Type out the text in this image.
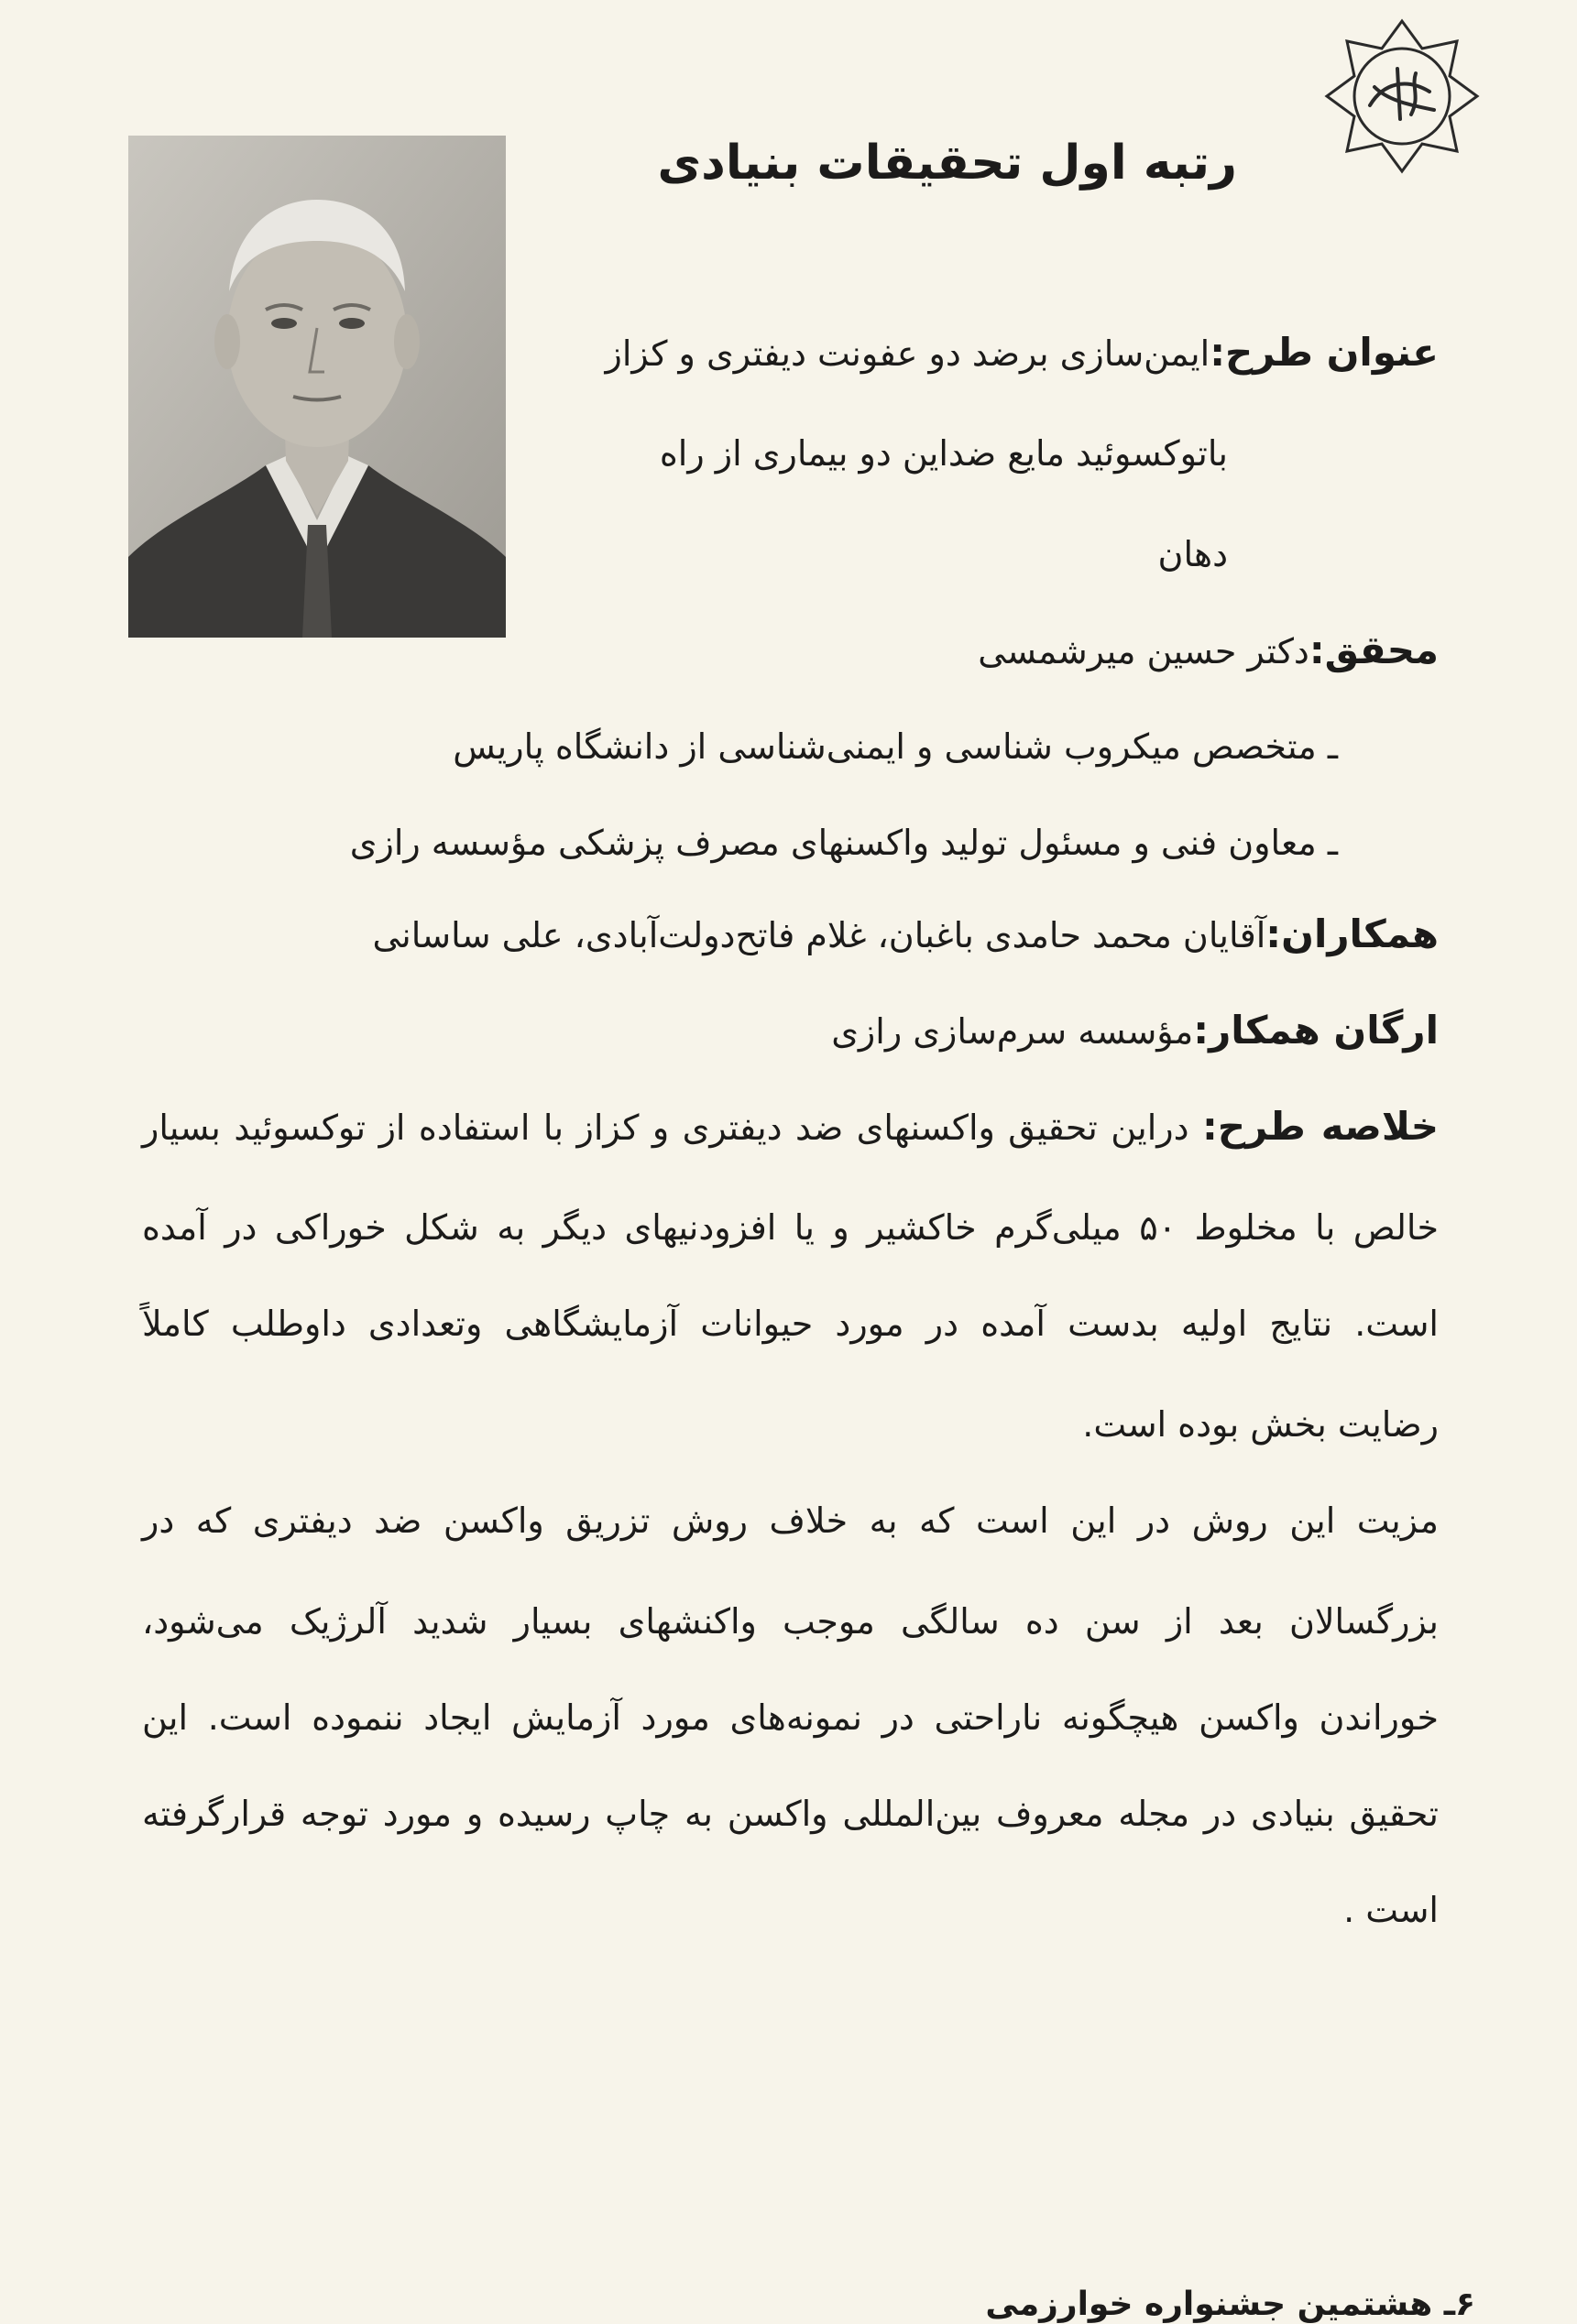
رتبه اول تحقیقات بنیادی
عنوان طرح:ایمن‌سازی برضد دو عفونت دیفتری و کزاز
باتوکسوئید مایع ضداین دو بیماری از راه
دهان
محقق:دکتر حسین میرشمسی
ـ متخصص میکروب شناسی و ایمنی‌شناسی از دانشگاه پاریس
ـ معاون فنی و مسئول تولید واکسنهای مصرف پزشکی مؤسسه رازی
همکاران:آقایان محمد حامدی باغبان، غلام فاتح‌دولت‌آبادی، علی ساسانی
ارگان همکار:مؤسسه سرم‌سازی رازی
خلاصه طرح: دراین تحقیق واکسنهای ضد دیفتری و کزاز با استفاده از توکسوئید بسیار
خالص با مخلوط ۵۰ میلی‌گرم خاکشیر و یا افزودنیهای دیگر به شکل خوراکی در آمده
است. نتایج اولیه بدست آمده در مورد حیوانات آزمایشگاهی وتعدادی داوطلب کاملاً
رضایت بخش بوده است.
مزیت این روش در این است که به خلاف روش تزریق واکسن ضد دیفتری که در
بزرگسالان بعد از سن ده سالگی موجب واکنشهای بسیار شدید آلرژیک می‌شود،
خوراندن واکسن هیچگونه ناراحتی در نمونه‌های مورد آزمایش ایجاد ننموده است. این
تحقیق بنیادی در مجله معروف بین‌المللی واکسن به چاپ رسیده و مورد توجه قرارگرفته
است .
۶ـ هشتمین جشنواره خوارزمی
